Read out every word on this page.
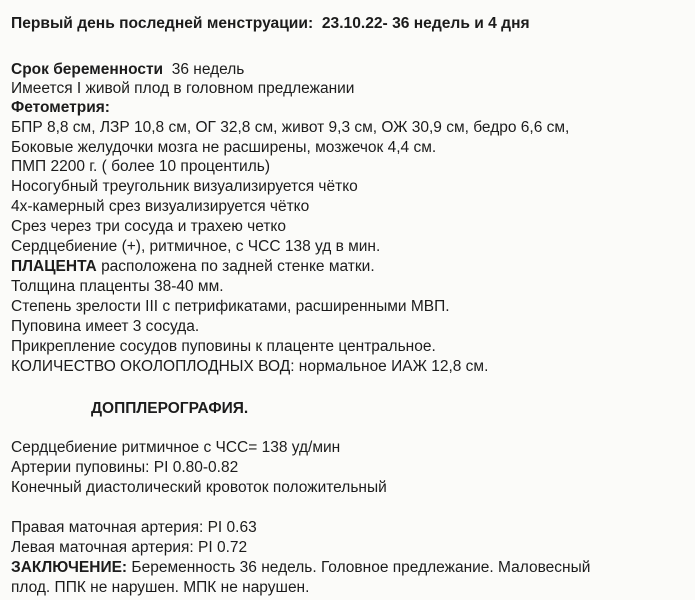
Первый день последней менструации: 23.10.22- 36 недель и 4 дня
Срок беременности 36 недель
Имеется I живой плод в головном предлежании
Фетометрия:
БПР 8,8 см, ЛЗР 10,8 см, ОГ 32,8 см, живот 9,3 см, ОЖ 30,9 см, бедро 6,6 см,
Боковые желудочки мозга не расширены, мозжечок 4,4 см.
ПМП 2200 г. ( более 10 процентиль)
Носогубный треугольник визуализируется чётко
4х-камерный срез визуализируется чётко
Срез через три сосуда и трахею четко
Сердцебиение (+), ритмичное, с ЧСС 138 уд в мин.
ПЛАЦЕНТА расположена по задней стенке матки.
Толщина плаценты 38-40 мм.
Степень зрелости III с петрификатами, расширенными МВП.
Пуповина имеет 3 сосуда.
Прикрепление сосудов пуповины к плаценте центральное.
КОЛИЧЕСТВО ОКОЛОПЛОДНЫХ ВОД: нормальное ИАЖ 12,8 см.
ДОППЛЕРОГРАФИЯ.
Сердцебиение ритмичное с ЧСС= 138 уд/мин
Артерии пуповины: PI 0.80-0.82
Конечный диастолический кровоток положительный
Правая маточная артерия: PI 0.63
Левая маточная артерия: PI 0.72
ЗАКЛЮЧЕНИЕ: Беременность 36 недель. Головное предлежание. Маловесный
плод. ППК не нарушен. МПК не нарушен.
